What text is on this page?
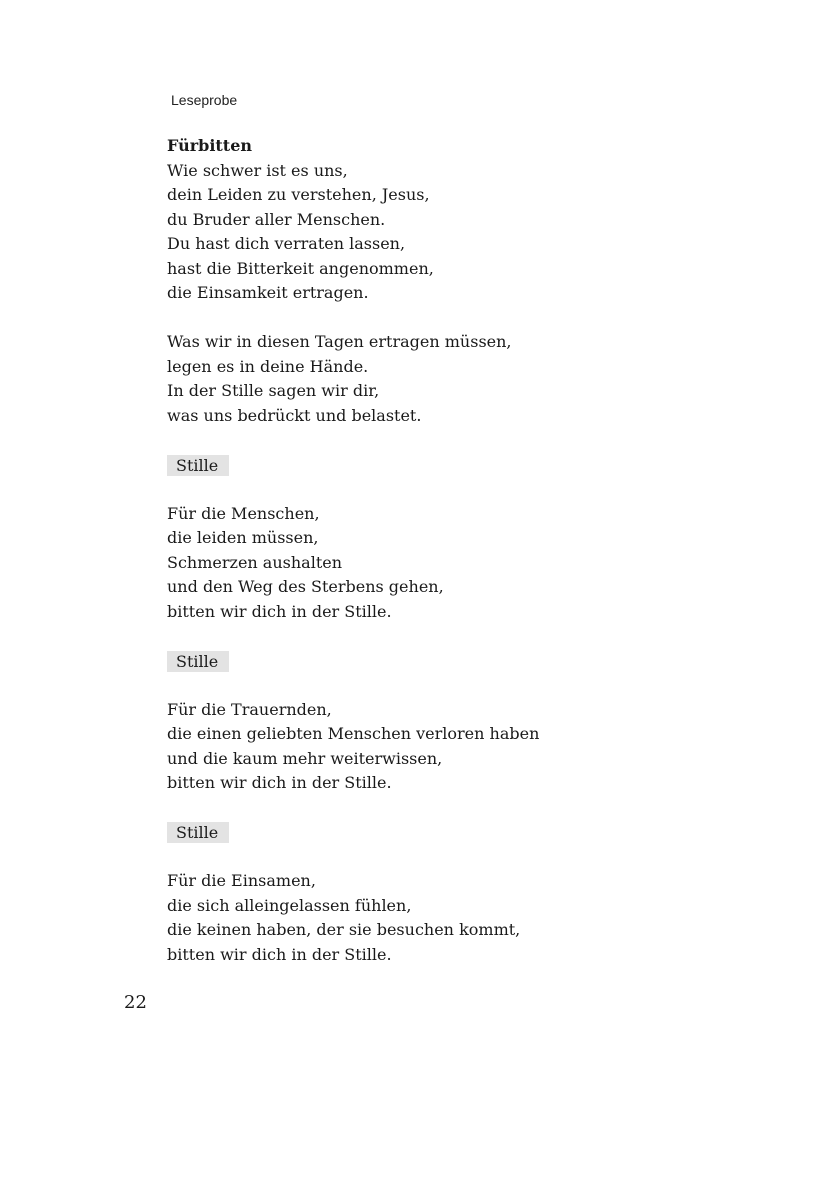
Leseprobe
Fürbitten
Wie schwer ist es uns,
dein Leiden zu verstehen, Jesus,
du Bruder aller Menschen.
Du hast dich verraten lassen,
hast die Bitterkeit angenommen,
die Einsamkeit ertragen.
Was wir in diesen Tagen ertragen müssen,
legen es in deine Hände.
In der Stille sagen wir dir,
was uns bedrückt und belastet.
Stille
Für die Menschen,
die leiden müssen,
Schmerzen aushalten
und den Weg des Sterbens gehen,
bitten wir dich in der Stille.
Stille
Für die Trauernden,
die einen geliebten Menschen verloren haben
und die kaum mehr weiterwissen,
bitten wir dich in der Stille.
Stille
Für die Einsamen,
die sich alleingelassen fühlen,
die keinen haben, der sie besuchen kommt,
bitten wir dich in der Stille.
22
